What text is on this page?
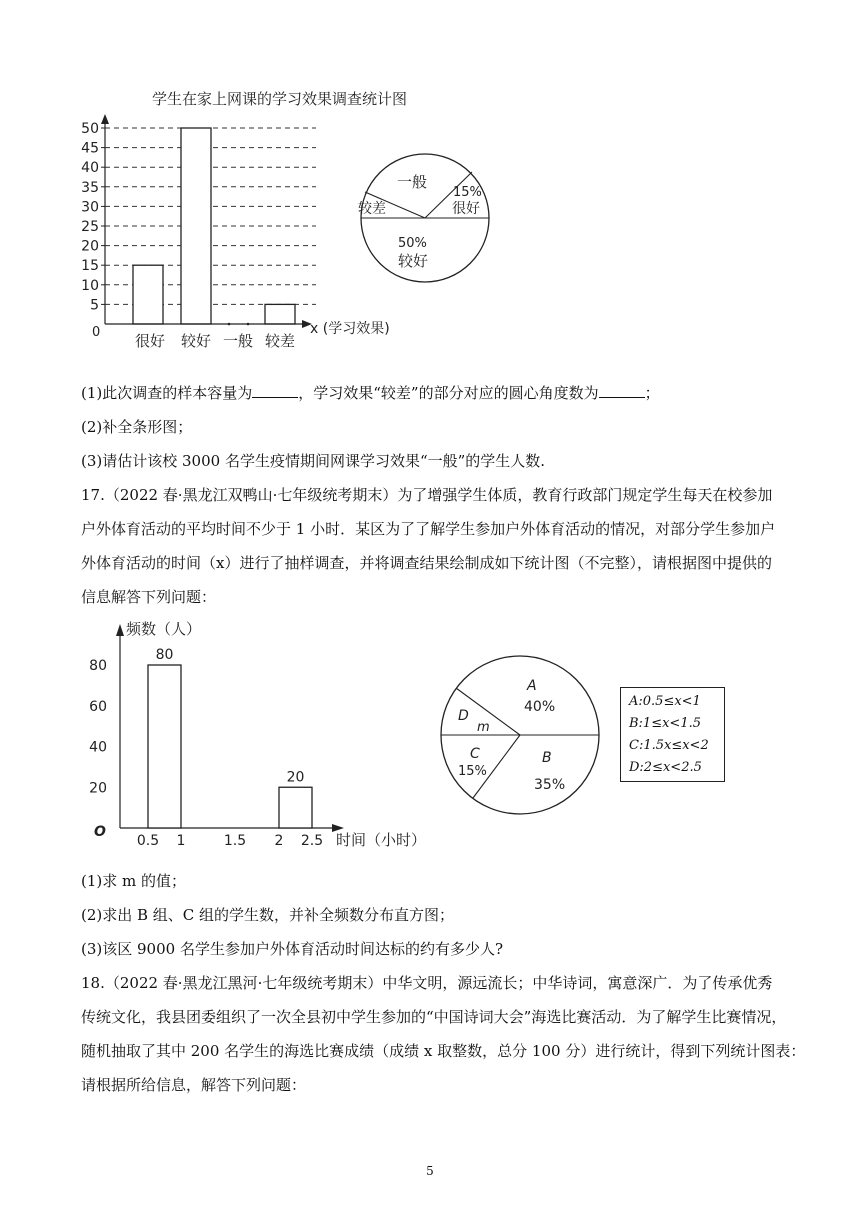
学生在家上网课的学习效果调查统计图
5
10
15
20
25
30
35
40
45
50
0	x (学习效果)
很好 较好 一般 较差
一般
15%
很好
较差
50%
较好
(1)此次调查的样本容量为	，学习效果“较差”的部分对应的圆心角度数为	；
(2)补全条形图；
(3)请估计该校 3000 名学生疫情期间网课学习效果“一般”的学生人数.
17.（2022 春·黑龙江双鸭山·七年级统考期末）为了增强学生体质，教育行政部门规定学生每天在校参加
户外体育活动的平均时间不少于 1 小时．某区为了了解学生参加户外体育活动的情况，对部分学生参加户
外体育活动的时间（x）进行了抽样调查，并将调查结果绘制成如下统计图（不完整），请根据图中提供的
信息解答下列问题：
频数（人）
时间（小时）
O
20
40
60
80
0.5 1	1.5 2 2.5
80
20
A
40%
B
35%
C
15%
D
m
A:0.5≤x<1
B:1≤x<1.5
C:1.5x≤x<2
D:2≤x<2.5
(1)求 m 的值；
(2)求出 B 组、C 组的学生数，并补全频数分布直方图；
(3)该区 9000 名学生参加户外体育活动时间达标的约有多少人?
18.（2022 春·黑龙江黑河·七年级统考期末）中华文明，源远流长；中华诗词，寓意深广．为了传承优秀
传统文化，我县团委组织了一次全县初中学生参加的“中国诗词大会”海选比赛活动．为了解学生比赛情况，
随机抽取了其中 200 名学生的海选比赛成绩（成绩 x 取整数，总分 100 分）进行统计，得到下列统计图表：
请根据所给信息，解答下列问题：
5
